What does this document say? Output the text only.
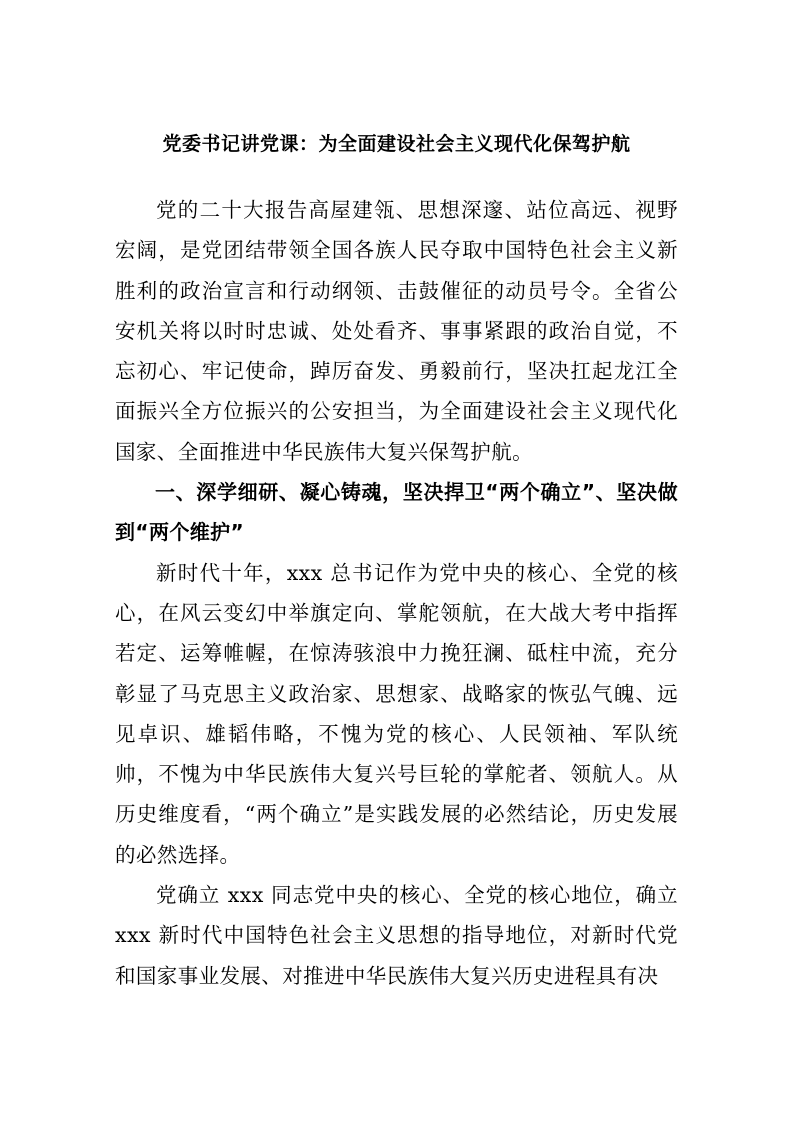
党委书记讲党课：为全面建设社会主义现代化保驾护航

党的二十大报告高屋建瓴、思想深邃、站位高远、视野宏阔，是党团结带领全国各族人民夺取中国特色社会主义新胜利的政治宣言和行动纲领、击鼓催征的动员号令。全省公安机关将以时时忠诚、处处看齐、事事紧跟的政治自觉，不忘初心、牢记使命，踔厉奋发、勇毅前行，坚决扛起龙江全面振兴全方位振兴的公安担当，为全面建设社会主义现代化国家、全面推进中华民族伟大复兴保驾护航。

一、深学细研、凝心铸魂，坚决捍卫“两个确立”、坚决做到“两个维护”

新时代十年，xxx 总书记作为党中央的核心、全党的核心，在风云变幻中举旗定向、掌舵领航，在大战大考中指挥若定、运筹帷幄，在惊涛骇浪中力挽狂澜、砥柱中流，充分彰显了马克思主义政治家、思想家、战略家的恢弘气魄、远见卓识、雄韬伟略，不愧为党的核心、人民领袖、军队统帅，不愧为中华民族伟大复兴号巨轮的掌舵者、领航人。从历史维度看，“两个确立”是实践发展的必然结论，历史发展的必然选择。

党确立 xxx 同志党中央的核心、全党的核心地位，确立 xxx 新时代中国特色社会主义思想的指导地位，对新时代党和国家事业发展、对推进中华民族伟大复兴历史进程具有决
